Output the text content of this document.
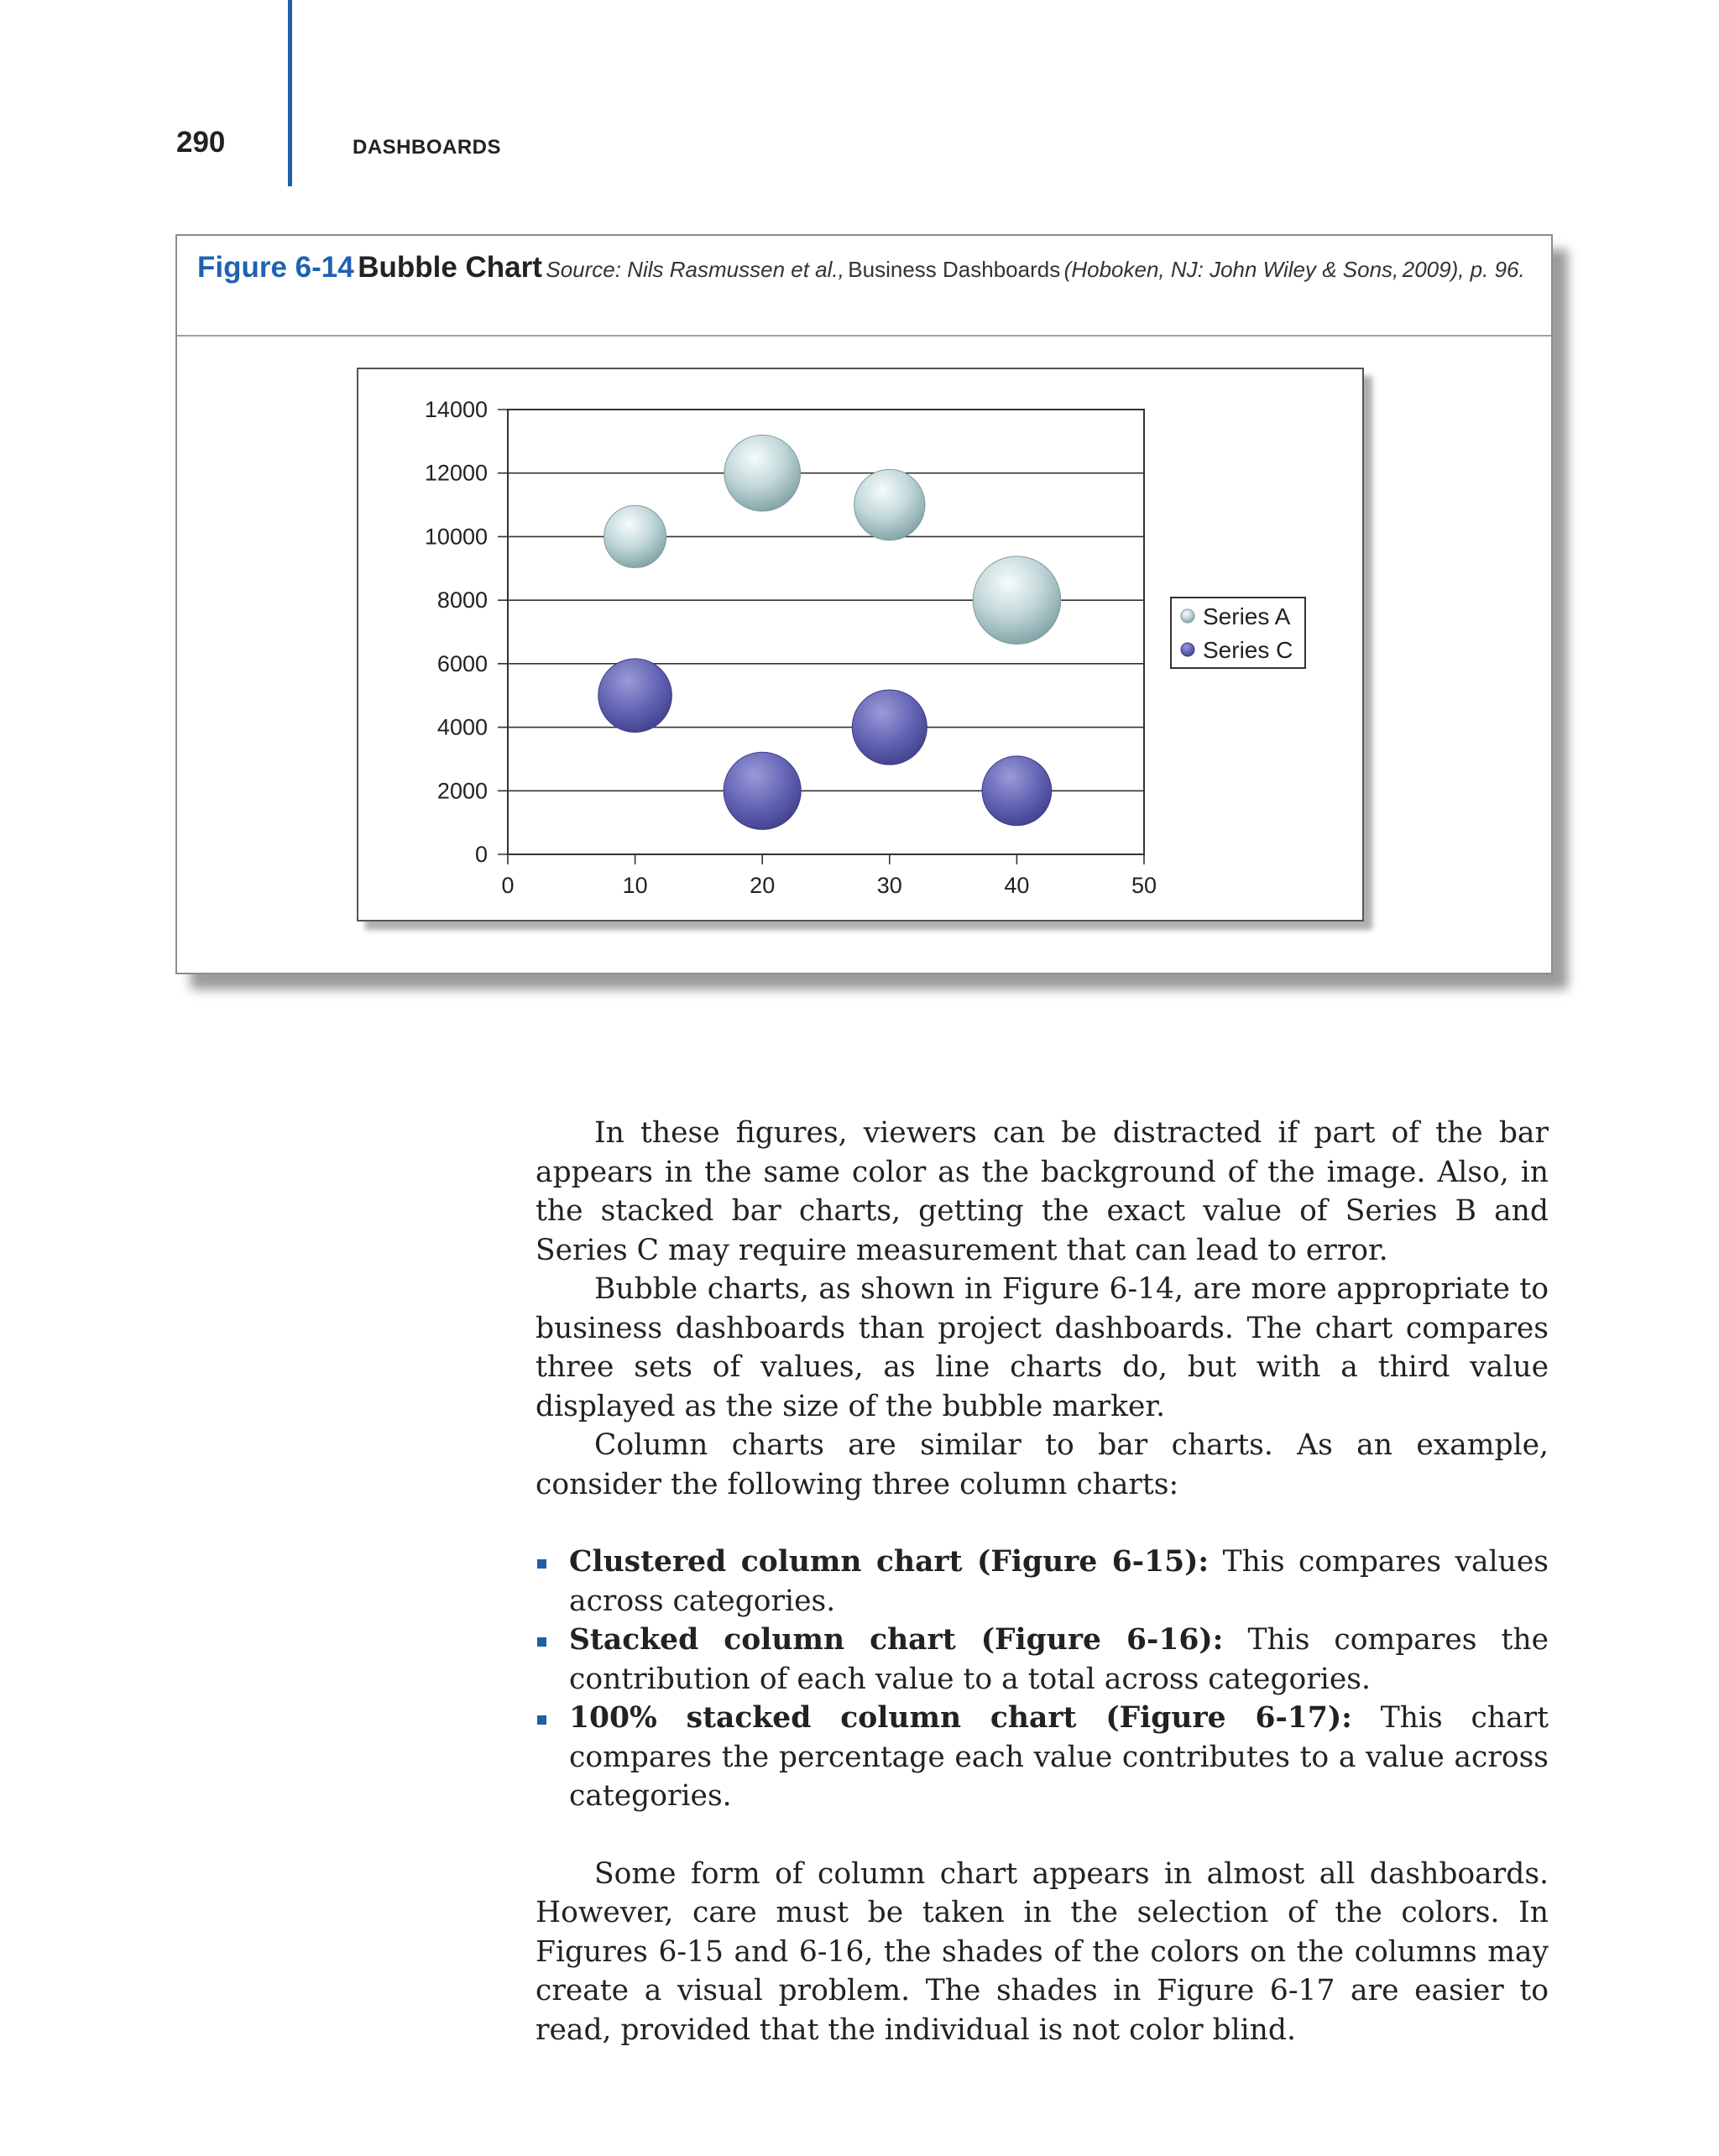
290	DASHBOARDS
Figure 6-14 Bubble Chart Source: Nils Rasmussen et al., Business Dashboards (Hoboken, NJ: John Wiley & Sons, 2009), p. 96.
0
2000
4000
6000
8000
10000
12000
14000
0	10	20	30	40	50
Series A
Series C

In these figures, viewers can be distracted if part of the bar appears in the same color as the background of the image. Also, in the stacked bar charts, getting the exact value of Series B and Series C may require measurement that can lead to error.

Bubble charts, as shown in Figure 6-14, are more appropriate to business dashboards than project dashboards. The chart compares three sets of values, as line charts do, but with a third value displayed as the size of the bubble marker.

Column charts are similar to bar charts. As an example, consider the following three column charts:

Clustered column chart (Figure 6-15): This compares values across categories.
Stacked column chart (Figure 6-16): This compares the contribution of each value to a total across categories.
100% stacked column chart (Figure 6-17): This chart compares the percentage each value contributes to a value across categories.

Some form of column chart appears in almost all dashboards. However, care must be taken in the selection of the colors. In Figures 6-15 and 6-16, the shades of the colors on the columns may create a visual problem. The shades in Figure 6-17 are easier to read, provided that the individual is not color blind.
